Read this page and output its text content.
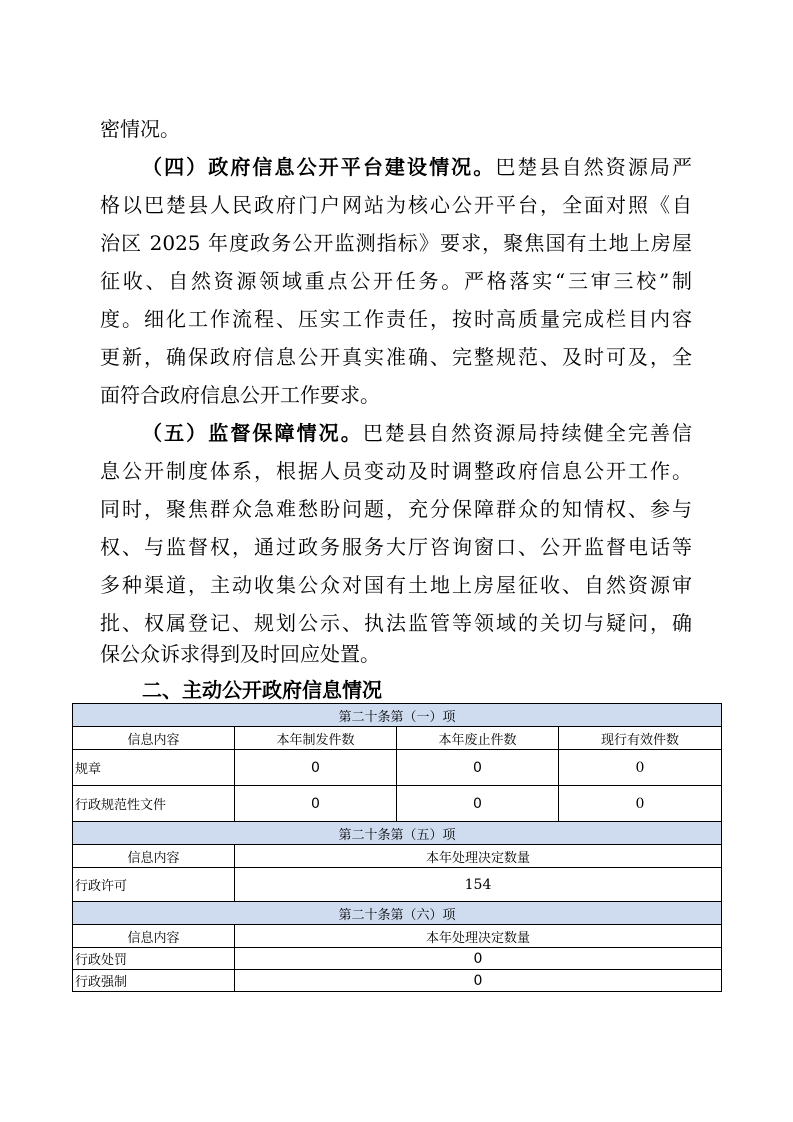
密情况。
（四）政府信息公开平台建设情况。巴楚县自然资源局严
格以巴楚县人民政府门户网站为核心公开平台，全面对照《自
治区 2025 年度政务公开监测指标》要求，聚焦国有土地上房屋
征收、自然资源领域重点公开任务。严格落实“三审三校”制
度。细化工作流程、压实工作责任，按时高质量完成栏目内容
更新，确保政府信息公开真实准确、完整规范、及时可及，全
面符合政府信息公开工作要求。
（五）监督保障情况。巴楚县自然资源局持续健全完善信
息公开制度体系，根据人员变动及时调整政府信息公开工作。
同时，聚焦群众急难愁盼问题，充分保障群众的知情权、参与
权、与监督权，通过政务服务大厅咨询窗口、公开监督电话等
多种渠道，主动收集公众对国有土地上房屋征收、自然资源审
批、权属登记、规划公示、执法监管等领域的关切与疑问，确
保公众诉求得到及时回应处置。
二、主动公开政府信息情况
第二十条第（一）项			
信息内容	本年制发件数	本年废止件数	现行有效件数
规章	0	0	0
行政规范性文件	0	0	0
第二十条第（五）项			
信息内容	本年处理决定数量		
行政许可	154		
第二十条第（六）项			
信息内容	本年处理决定数量		
行政处罚	0		
行政强制	0		
